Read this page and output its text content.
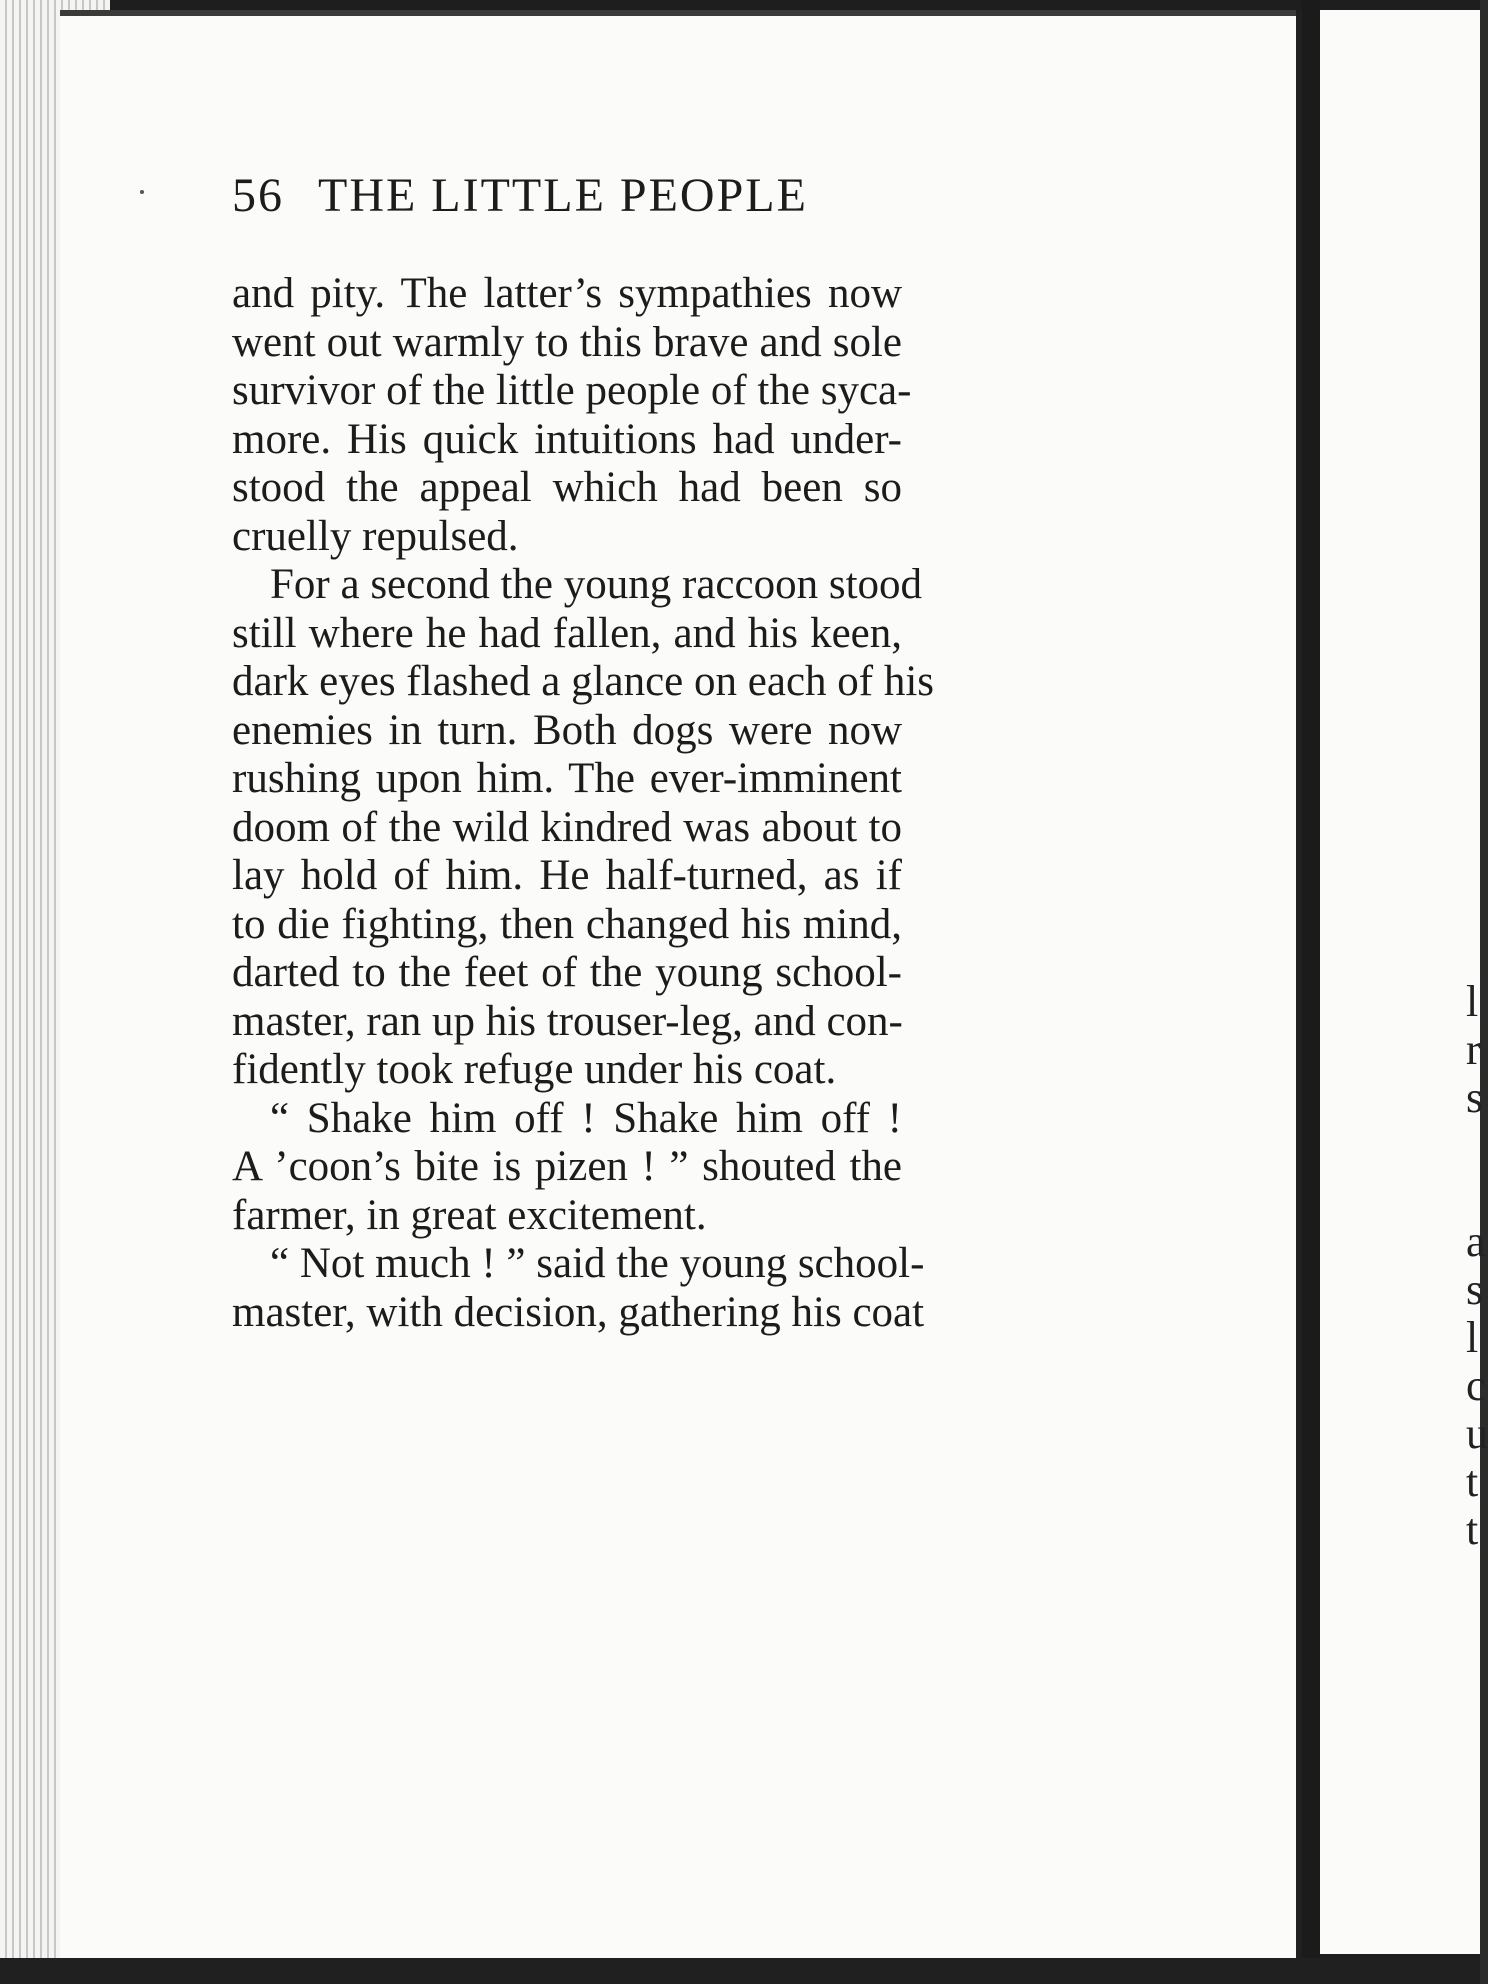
l
r
s
a
s
l
c
u
t
t
56 THE LITTLE PEOPLE
and pity. The latter’s sympathies now
went out warmly to this brave and sole
survivor of the little people of the syca-
more. His quick intuitions had under-
stood the appeal which had been so
cruelly repulsed.
For a second the young raccoon stood
still where he had fallen, and his keen,
dark eyes flashed a glance on each of his
enemies in turn. Both dogs were now
rushing upon him. The ever-imminent
doom of the wild kindred was about to
lay hold of him. He half-turned, as if
to die fighting, then changed his mind,
darted to the feet of the young school-
master, ran up his trouser-leg, and con-
fidently took refuge under his coat.
“ Shake him off ! Shake him off !
A ’coon’s bite is pizen ! ” shouted the
farmer, in great excitement.
“ Not much ! ” said the young school-
master, with decision, gathering his coat
